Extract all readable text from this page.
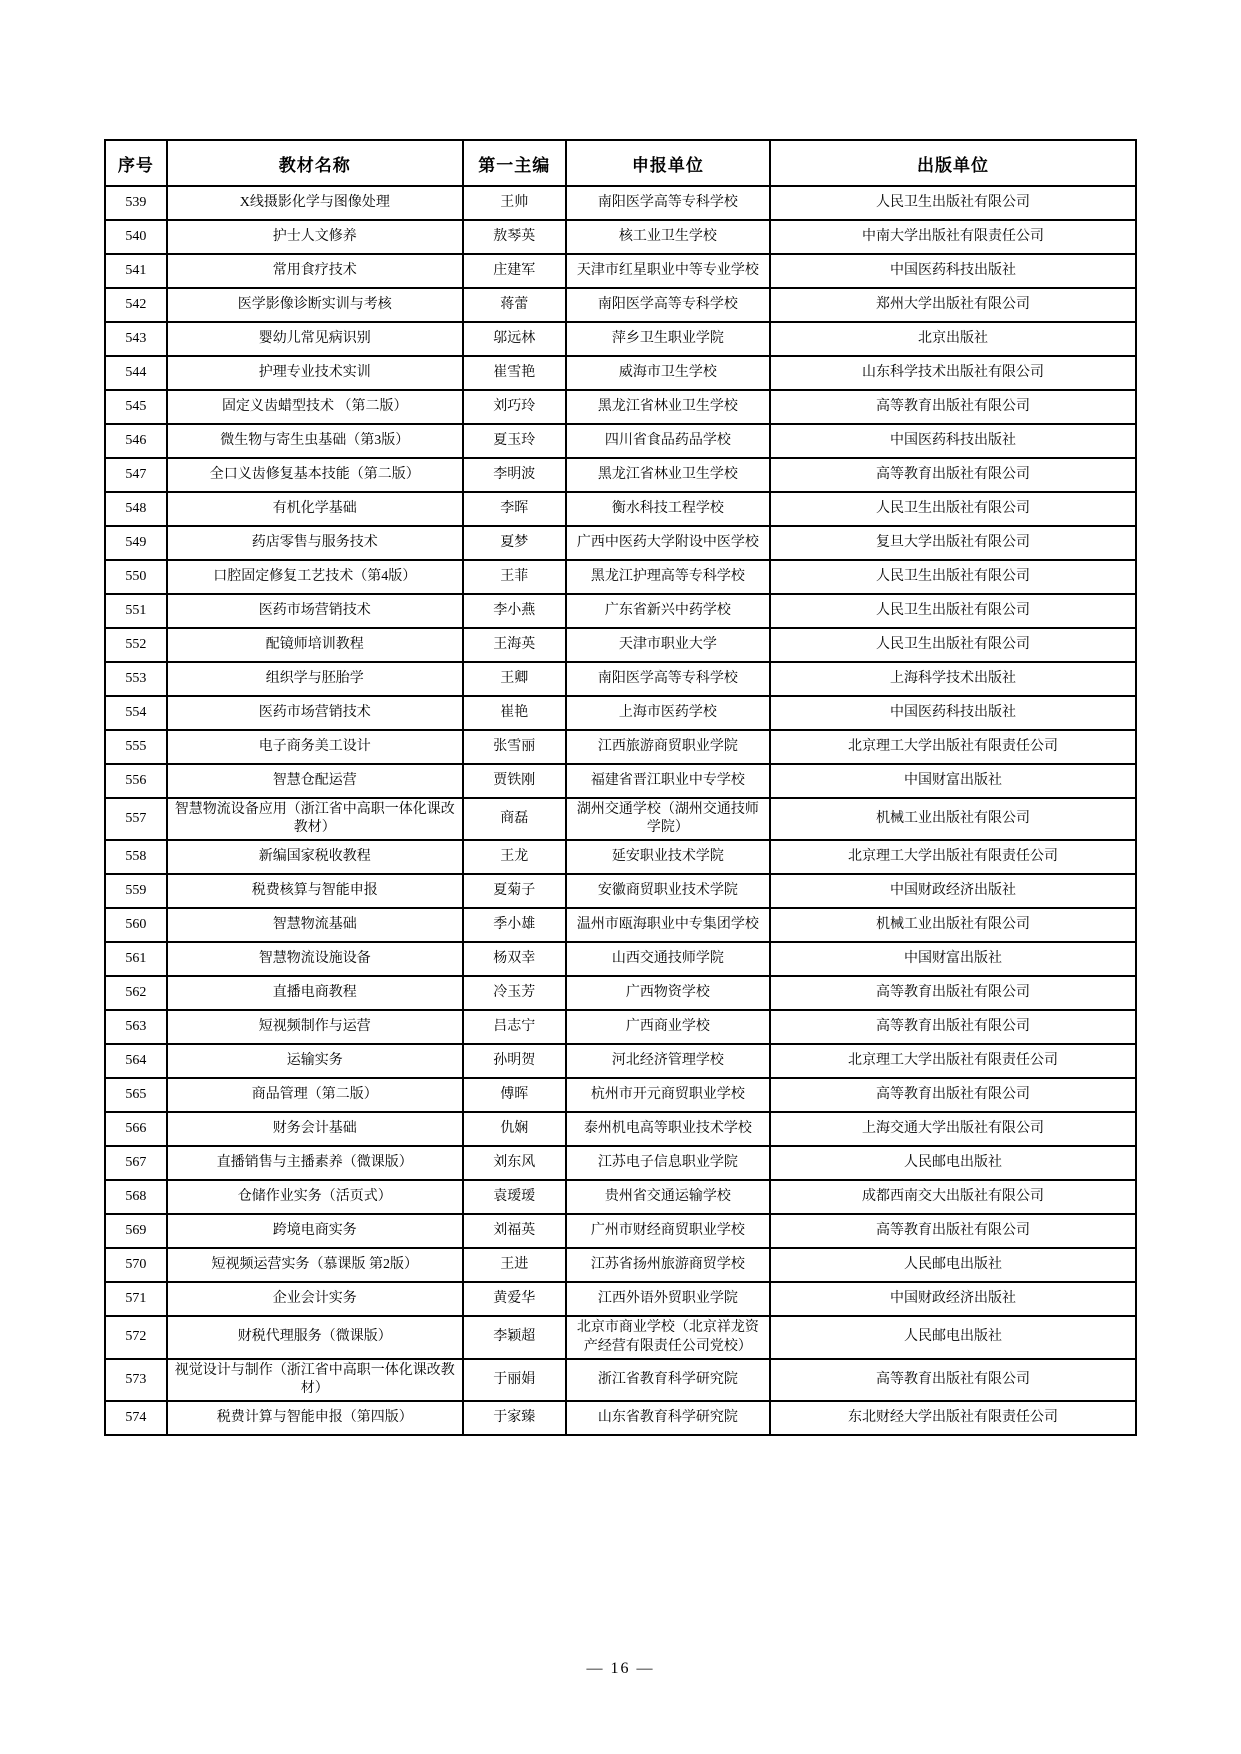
序号	教材名称	第一主编	申报单位	出版单位
539	X线摄影化学与图像处理	王帅	南阳医学高等专科学校	人民卫生出版社有限公司
540	护士人文修养	敖琴英	核工业卫生学校	中南大学出版社有限责任公司
541	常用食疗技术	庄建军	天津市红星职业中等专业学校	中国医药科技出版社
542	医学影像诊断实训与考核	蒋蕾	南阳医学高等专科学校	郑州大学出版社有限公司
543	婴幼儿常见病识别	邬远林	萍乡卫生职业学院	北京出版社
544	护理专业技术实训	崔雪艳	威海市卫生学校	山东科学技术出版社有限公司
545	固定义齿蜡型技术 （第二版）	刘巧玲	黑龙江省林业卫生学校	高等教育出版社有限公司
546	微生物与寄生虫基础（第3版）	夏玉玲	四川省食品药品学校	中国医药科技出版社
547	全口义齿修复基本技能（第二版）	李明波	黑龙江省林业卫生学校	高等教育出版社有限公司
548	有机化学基础	李晖	衡水科技工程学校	人民卫生出版社有限公司
549	药店零售与服务技术	夏梦	广西中医药大学附设中医学校	复旦大学出版社有限公司
550	口腔固定修复工艺技术（第4版）	王菲	黑龙江护理高等专科学校	人民卫生出版社有限公司
551	医药市场营销技术	李小燕	广东省新兴中药学校	人民卫生出版社有限公司
552	配镜师培训教程	王海英	天津市职业大学	人民卫生出版社有限公司
553	组织学与胚胎学	王卿	南阳医学高等专科学校	上海科学技术出版社
554	医药市场营销技术	崔艳	上海市医药学校	中国医药科技出版社
555	电子商务美工设计	张雪丽	江西旅游商贸职业学院	北京理工大学出版社有限责任公司
556	智慧仓配运营	贾铁刚	福建省晋江职业中专学校	中国财富出版社
557	智慧物流设备应用（浙江省中高职一体化课改教材）	商磊	湖州交通学校（湖州交通技师学院）	机械工业出版社有限公司
558	新编国家税收教程	王龙	延安职业技术学院	北京理工大学出版社有限责任公司
559	税费核算与智能申报	夏菊子	安徽商贸职业技术学院	中国财政经济出版社
560	智慧物流基础	季小雄	温州市瓯海职业中专集团学校	机械工业出版社有限公司
561	智慧物流设施设备	杨双幸	山西交通技师学院	中国财富出版社
562	直播电商教程	冷玉芳	广西物资学校	高等教育出版社有限公司
563	短视频制作与运营	吕志宁	广西商业学校	高等教育出版社有限公司
564	运输实务	孙明贺	河北经济管理学校	北京理工大学出版社有限责任公司
565	商品管理（第二版）	傅晖	杭州市开元商贸职业学校	高等教育出版社有限公司
566	财务会计基础	仇娴	泰州机电高等职业技术学校	上海交通大学出版社有限公司
567	直播销售与主播素养（微课版）	刘东风	江苏电子信息职业学院	人民邮电出版社
568	仓储作业实务（活页式）	袁瑷瑷	贵州省交通运输学校	成都西南交大出版社有限公司
569	跨境电商实务	刘福英	广州市财经商贸职业学校	高等教育出版社有限公司
570	短视频运营实务（慕课版 第2版）	王进	江苏省扬州旅游商贸学校	人民邮电出版社
571	企业会计实务	黄爱华	江西外语外贸职业学院	中国财政经济出版社
572	财税代理服务（微课版）	李颖超	北京市商业学校（北京祥龙资产经营有限责任公司党校）	人民邮电出版社
573	视觉设计与制作（浙江省中高职一体化课改教材）	于丽娟	浙江省教育科学研究院	高等教育出版社有限公司
574	税费计算与智能申报（第四版）	于家臻	山东省教育科学研究院	东北财经大学出版社有限责任公司
— 16 —
